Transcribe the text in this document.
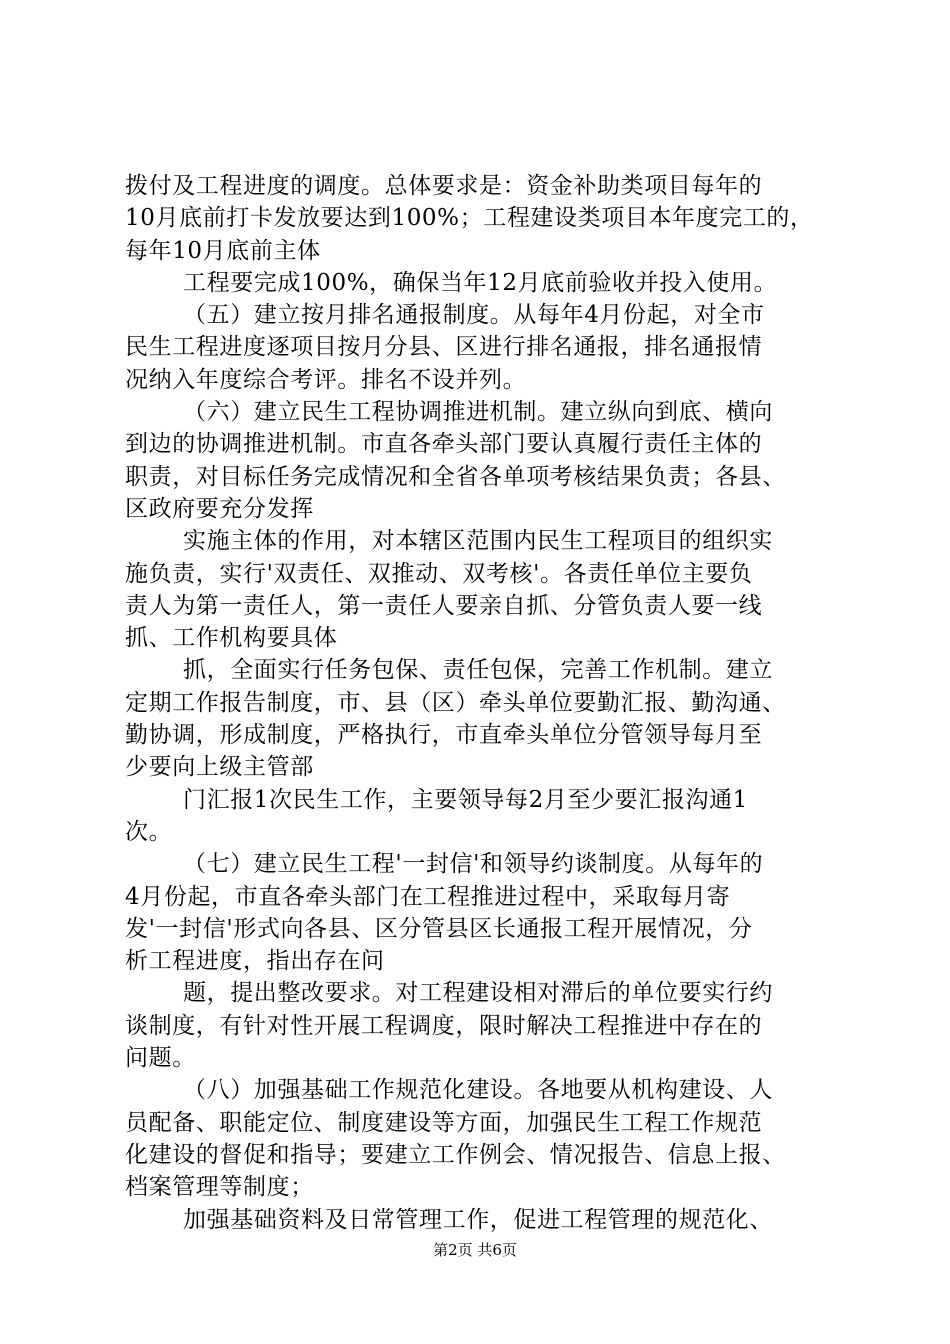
拨付及工程进度的调度。总体要求是：资金补助类项目每年的
10月底前打卡发放要达到100%；工程建设类项目本年度完工的，
每年10月底前主体
工程要完成100%，确保当年12月底前验收并投入使用。
（五）建立按月排名通报制度。从每年4月份起，对全市
民生工程进度逐项目按月分县、区进行排名通报，排名通报情
况纳入年度综合考评。排名不设并列。
（六）建立民生工程协调推进机制。建立纵向到底、横向
到边的协调推进机制。市直各牵头部门要认真履行责任主体的
职责，对目标任务完成情况和全省各单项考核结果负责；各县、
区政府要充分发挥
实施主体的作用，对本辖区范围内民生工程项目的组织实
施负责，实行'双责任、双推动、双考核'。各责任单位主要负
责人为第一责任人，第一责任人要亲自抓、分管负责人要一线
抓、工作机构要具体
抓，全面实行任务包保、责任包保，完善工作机制。建立
定期工作报告制度，市、县（区）牵头单位要勤汇报、勤沟通、
勤协调，形成制度，严格执行，市直牵头单位分管领导每月至
少要向上级主管部
门汇报1次民生工作，主要领导每2月至少要汇报沟通1
次。
（七）建立民生工程'一封信'和领导约谈制度。从每年的
4月份起，市直各牵头部门在工程推进过程中，采取每月寄
发'一封信'形式向各县、区分管县区长通报工程开展情况，分
析工程进度，指出存在问
题，提出整改要求。对工程建设相对滞后的单位要实行约
谈制度，有针对性开展工程调度，限时解决工程推进中存在的
问题。
（八）加强基础工作规范化建设。各地要从机构建设、人
员配备、职能定位、制度建设等方面，加强民生工程工作规范
化建设的督促和指导；要建立工作例会、情况报告、信息上报、
档案管理等制度；
加强基础资料及日常管理工作，促进工程管理的规范化、
第2页 共6页
